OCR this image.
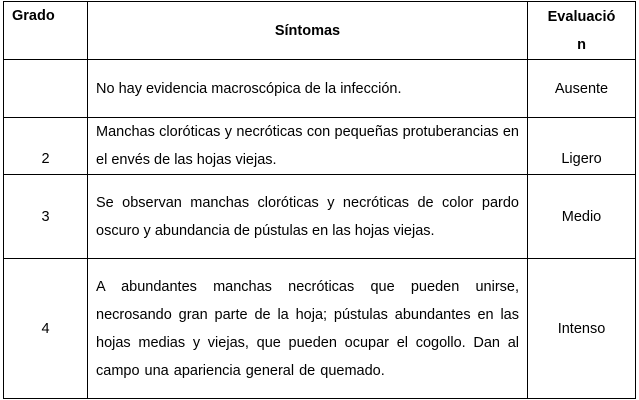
Grado	Síntomas	Evaluació
n

	No hay evidencia macroscópica de la infección.	Ausente
2	Manchas cloróticas y necróticas con pequeñas protuberancias en el envés de las hojas viejas.	Ligero
3	Se observan manchas cloróticas y necróticas de color pardo oscuro y abundancia de pústulas en las hojas viejas.	Medio
4	A abundantes manchas necróticas que pueden unirse, necrosando gran parte de la hoja; pústulas abundantes en las hojas medias y viejas, que pueden ocupar el cogollo. Dan al campo una apariencia general de quemado.	Intenso
